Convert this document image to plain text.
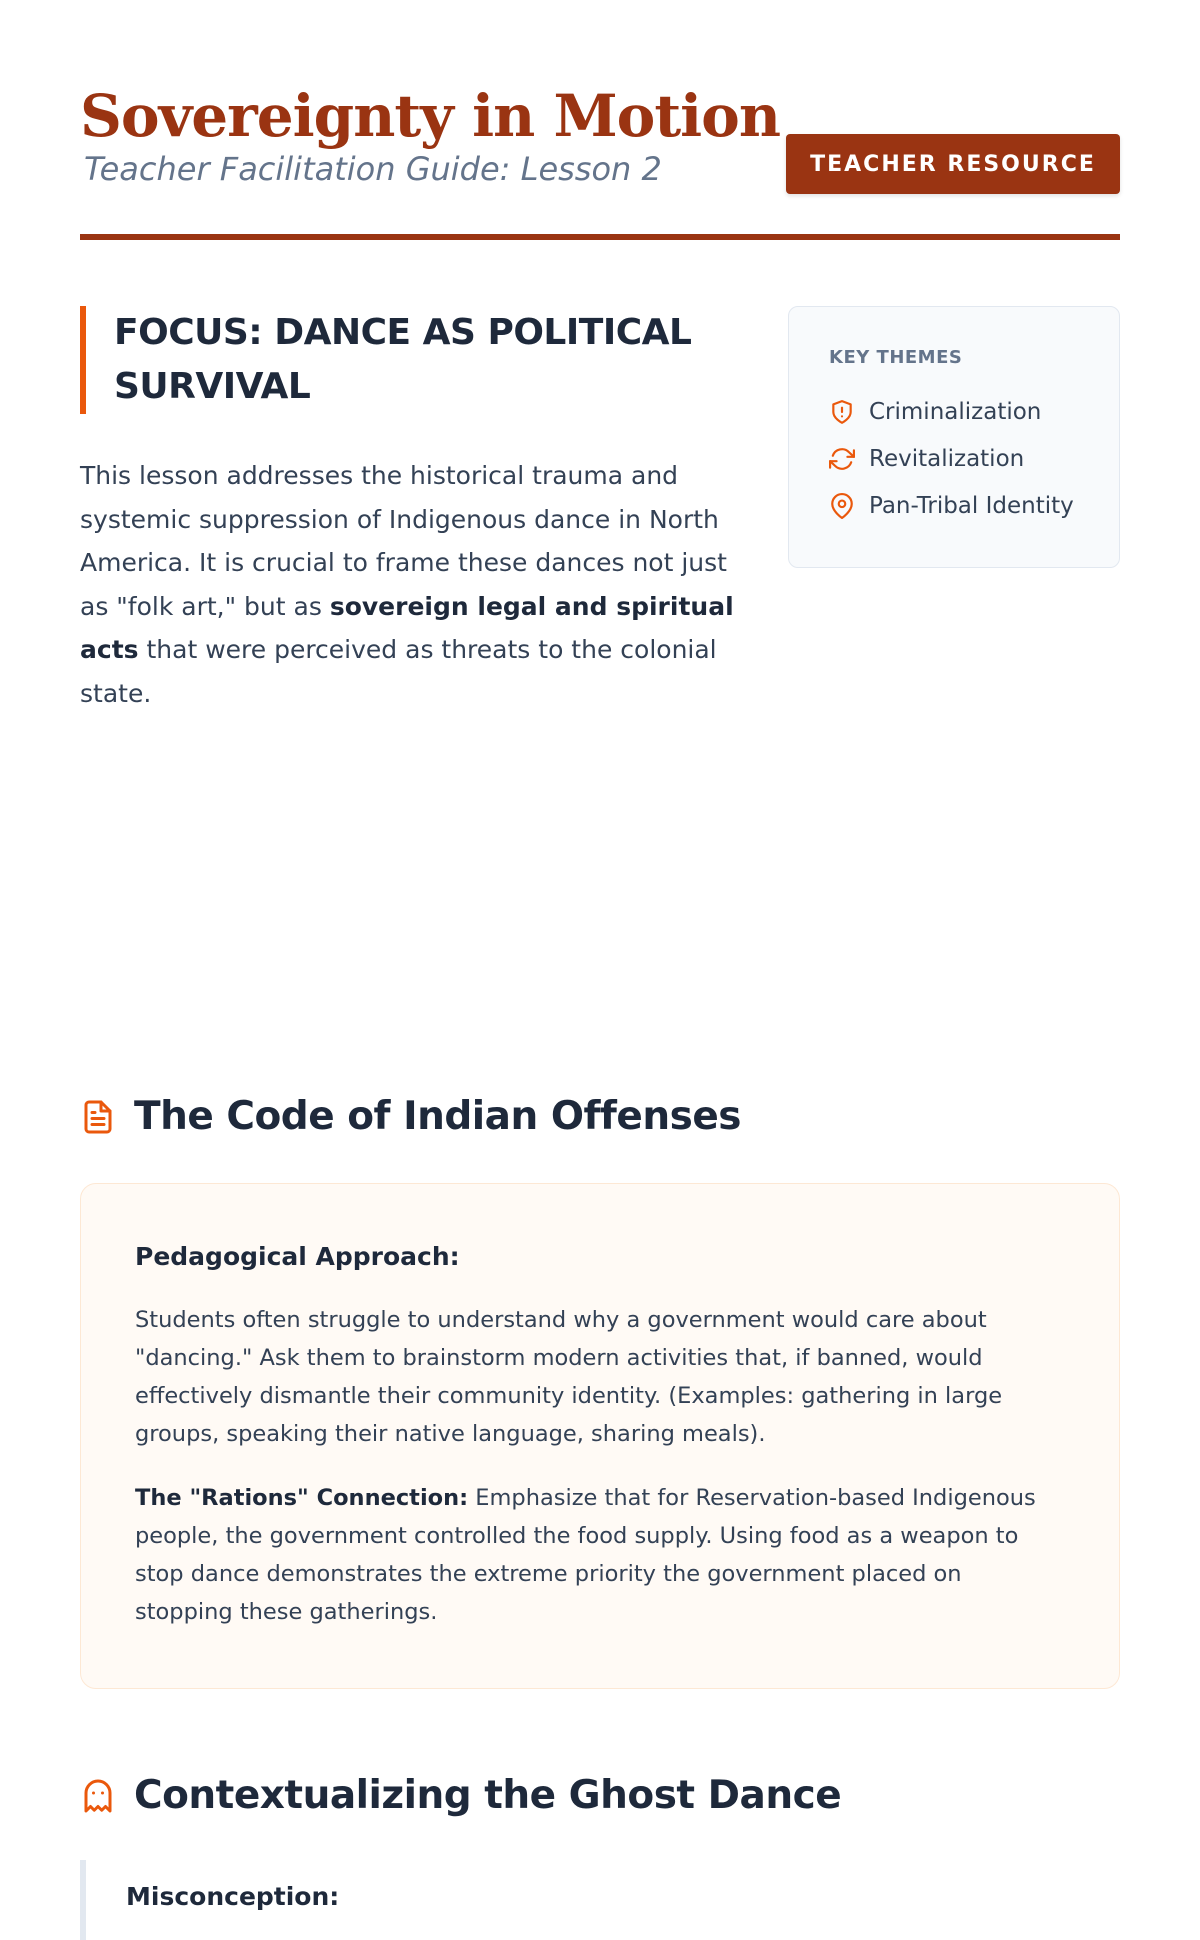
Sovereignty in Motion
Teacher Facilitation Guide: Lesson 2	TEACHER RESOURCE
FOCUS: DANCE AS POLITICAL SURVIVAL

This lesson addresses the historical trauma and systemic suppression of Indigenous dance in North America. It is crucial to frame these dances not just as "folk art," but as sovereign legal and spiritual acts that were perceived as threats to the colonial state.

KEY THEMES
Criminalization
Revitalization
Pan-Tribal Identity
The Code of Indian Offenses

Pedagogical Approach:

Students often struggle to understand why a government would care about "dancing." Ask them to brainstorm modern activities that, if banned, would effectively dismantle their community identity. (Examples: gathering in large groups, speaking their native language, sharing meals).

The "Rations" Connection: Emphasize that for Reservation-based Indigenous people, the government controlled the food supply. Using food as a weapon to stop dance demonstrates the extreme priority the government placed on stopping these gatherings.

Contextualizing the Ghost Dance
Misconception:
